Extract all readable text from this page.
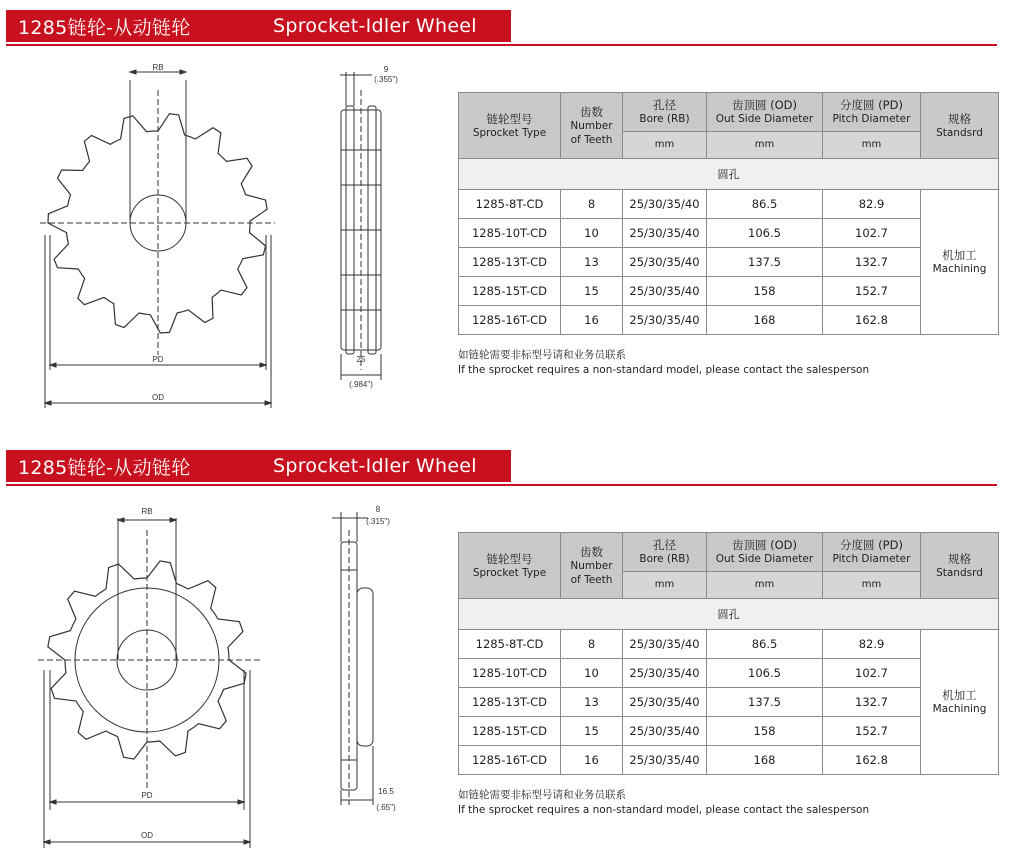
1285链轮-从动链轮	Sprocket-Idler Wheel
RB
PD
OD
9
(.355")
25
(.984")
链轮型号
Sprocket Type	齿数
Number
of Teeth	孔径
Bore (RB)	齿顶圆 (OD)
Out Side Diameter	分度圆 (PD)
Pitch Diameter	规格
Standsrd

		mm	mm	mm	
圆孔					
1285-8T-CD	8	25/30/35/40	86.5	82.9	机加工
Machining

1285-10T-CD	10	25/30/35/40	106.5	102.7	
1285-13T-CD	13	25/30/35/40	137.5	132.7	
1285-15T-CD	15	25/30/35/40	158	152.7	
1285-16T-CD	16	25/30/35/40	168	162.8	
如链轮需要非标型号请和业务员联系
If the sprocket requires a non-standard model, please contact the salesperson
1285链轮-从动链轮	Sprocket-Idler Wheel
RB
PD
OD
8
(.315")
16.5
(.65")
链轮型号
Sprocket Type	齿数
Number
of Teeth	孔径
Bore (RB)	齿顶圆 (OD)
Out Side Diameter	分度圆 (PD)
Pitch Diameter	规格
Standsrd

		mm	mm	mm	
圆孔					
1285-8T-CD	8	25/30/35/40	86.5	82.9	机加工
Machining

1285-10T-CD	10	25/30/35/40	106.5	102.7	
1285-13T-CD	13	25/30/35/40	137.5	132.7	
1285-15T-CD	15	25/30/35/40	158	152.7	
1285-16T-CD	16	25/30/35/40	168	162.8	
如链轮需要非标型号请和业务员联系
If the sprocket requires a non-standard model, please contact the salesperson
